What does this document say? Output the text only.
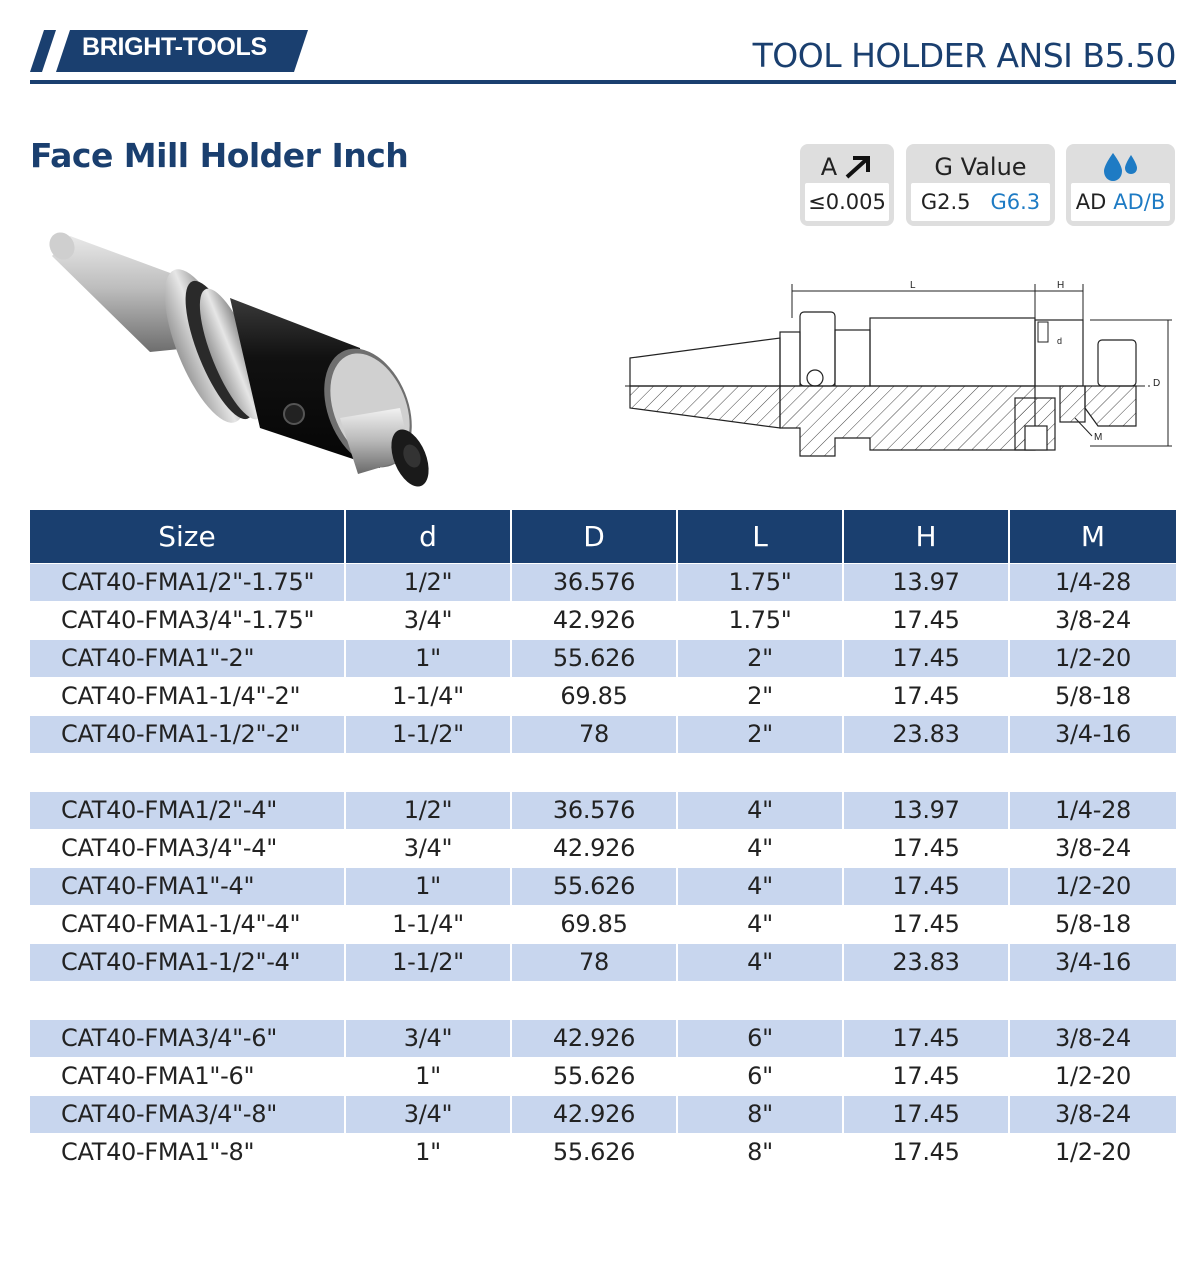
BRIGHT-TOOLS	TOOL HOLDER ANSI B5.50
Face Mill Holder Inch	A
≤0.005
G Value
G2.5 G6.3 AD AD/B
L	H
D
d
M
Size	d	D	L	H	M
CAT40-FMA1/2"-1.75"	1/2"	36.576	1.75"	13.97	1/4-28
CAT40-FMA3/4"-1.75"	3/4"	42.926	1.75"	17.45	3/8-24
CAT40-FMA1"-2"	1"	55.626	2"	17.45	1/2-20
CAT40-FMA1-1/4"-2"	1-1/4"	69.85	2"	17.45	5/8-18
CAT40-FMA1-1/2"-2"	1-1/2"	78	2"	23.83	3/4-16
CAT40-FMA1/2"-4"	1/2"	36.576	4"	13.97	1/4-28
CAT40-FMA3/4"-4"	3/4"	42.926	4"	17.45	3/8-24
CAT40-FMA1"-4"	1"	55.626	4"	17.45	1/2-20
CAT40-FMA1-1/4"-4"	1-1/4"	69.85	4"	17.45	5/8-18
CAT40-FMA1-1/2"-4"	1-1/2"	78	4"	23.83	3/4-16
CAT40-FMA3/4"-6"	3/4"	42.926	6"	17.45	3/8-24
CAT40-FMA1"-6"	1"	55.626	6"	17.45	1/2-20
CAT40-FMA3/4"-8"	3/4"	42.926	8"	17.45	3/8-24
CAT40-FMA1"-8"	1"	55.626	8"	17.45	1/2-20
